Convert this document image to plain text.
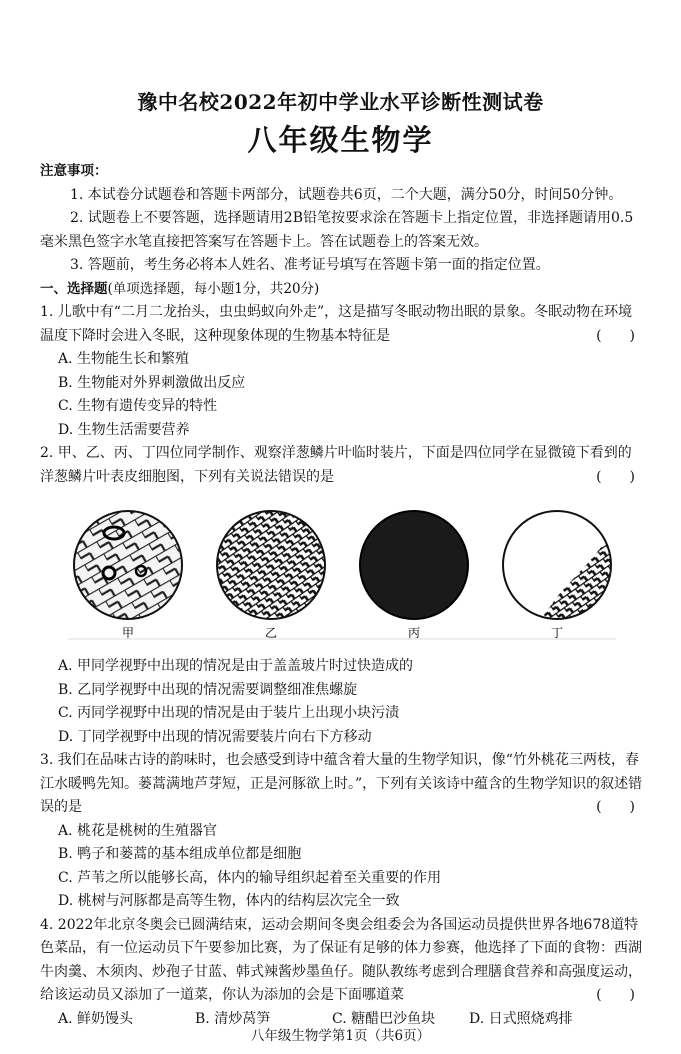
豫中名校2022年初中学业水平诊断性测试卷
八年级生物学

注意事项：

1. 本试卷分试题卷和答题卡两部分，试题卷共6页，二个大题，满分50分，时间50分钟。

2. 试题卷上不要答题，选择题请用2B铅笔按要求涂在答题卡上指定位置，非选择题请用0.5毫米黑色签字水笔直接把答案写在答题卡上。答在试题卷上的答案无效。

3. 答题前，考生务必将本人姓名、准考证号填写在答题卡第一面的指定位置。

一、选择题(单项选择题，每小题1分，共20分)

1. 儿歌中有“二月二龙抬头，虫虫蚂蚁向外走”，这是描写冬眠动物出眠的景象。冬眠动物在环境温度下降时会进入冬眠，这种现象体现的生物基本特征是	(　　)

A. 生物能生长和繁殖
B. 生物能对外界刺激做出反应
C. 生物有遗传变异的特性
D. 生物生活需要营养

2. 甲、乙、丙、丁四位同学制作、观察洋葱鳞片叶临时装片，下面是四位同学在显微镜下看到的洋葱鳞片叶表皮细胞图，下列有关说法错误的是	(　　)

甲	乙	丙	丁
A. 甲同学视野中出现的情况是由于盖盖玻片时过快造成的
B. 乙同学视野中出现的情况需要调整细准焦螺旋
C. 丙同学视野中出现的情况是由于装片上出现小块污渍
D. 丁同学视野中出现的情况需要装片向右下方移动

3. 我们在品味古诗的韵味时，也会感受到诗中蕴含着大量的生物学知识，像“竹外桃花三两枝，春江水暖鸭先知。蒌蒿满地芦芽短，正是河豚欲上时。”，下列有关该诗中蕴含的生物学知识的叙述错误的是	(　　)

A. 桃花是桃树的生殖器官
B. 鸭子和蒌蒿的基本组成单位都是细胞
C. 芦苇之所以能够长高，体内的输导组织起着至关重要的作用
D. 桃树与河豚都是高等生物，体内的结构层次完全一致

4. 2022年北京冬奥会已圆满结束，运动会期间冬奥会组委会为各国运动员提供世界各地678道特色菜品，有一位运动员下午要参加比赛，为了保证有足够的体力参赛，他选择了下面的食物：西湖牛肉羹、木须肉、炒孢子甘蓝、韩式辣酱炒墨鱼仔。随队教练考虑到合理膳食营养和高强度运动，给该运动员又添加了一道菜，你认为添加的会是下面哪道菜	(　　)

A. 鲜奶馒头	B. 清炒莴笋	C. 糖醋巴沙鱼块	D. 日式照烧鸡排
八年级生物学第1页（共6页）
